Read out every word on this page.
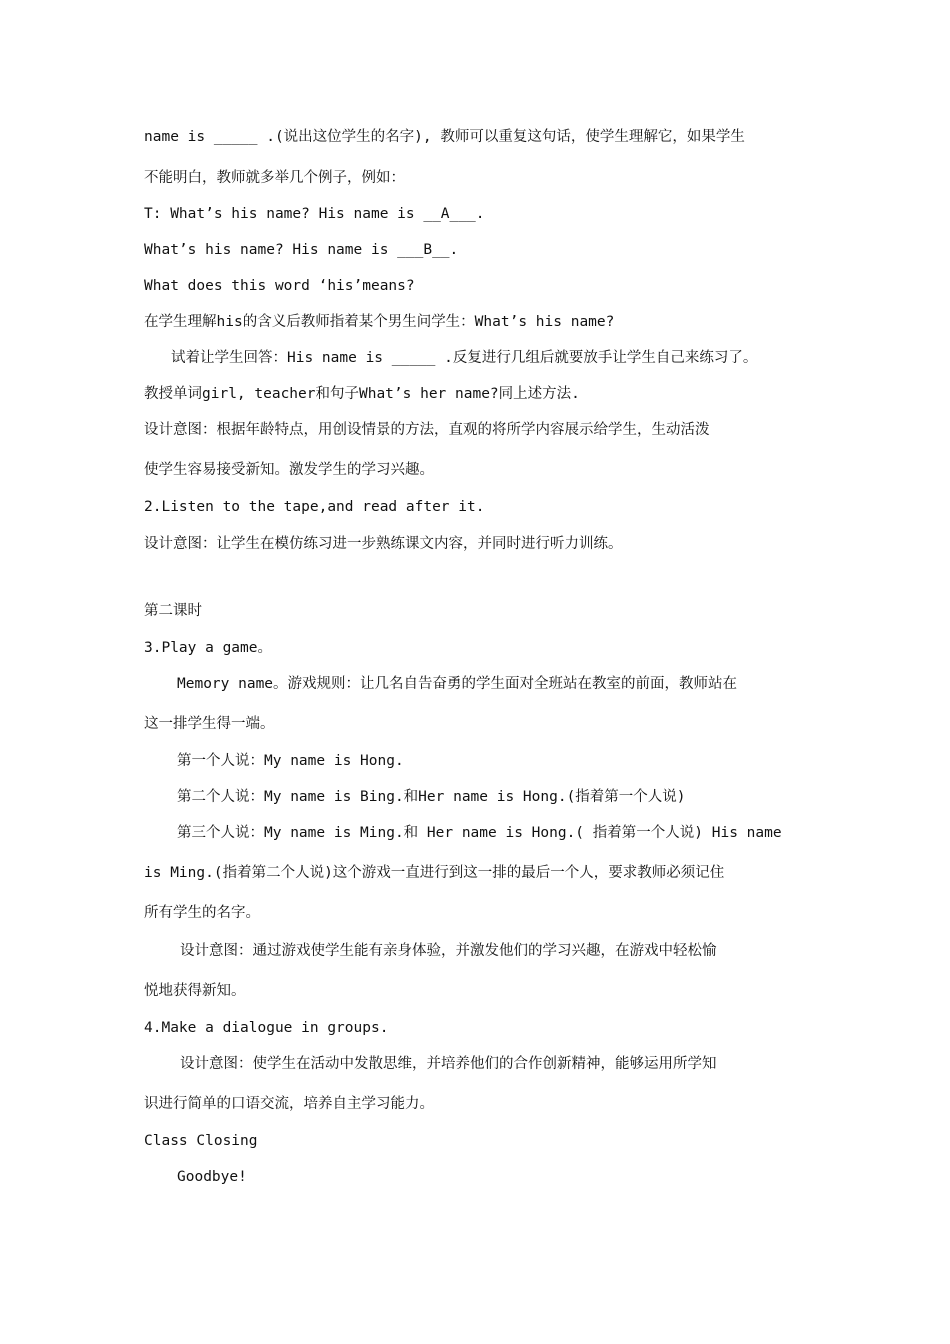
name is _____ .(说出这位学生的名字), 教师可以重复这句话，使学生理解它，如果学生
不能明白，教师就多举几个例子，例如：
T: What’s his name? His name is __A___.
What’s his name? His name is ___B__.
What does this word ‘his’means?
在学生理解his的含义后教师指着某个男生问学生：What’s his name?
试着让学生回答：His name is _____ .反复进行几组后就要放手让学生自己来练习了。
教授单词girl, teacher和句子What’s her name?同上述方法.
设计意图：根据年龄特点，用创设情景的方法，直观的将所学内容展示给学生，生动活泼
使学生容易接受新知。激发学生的学习兴趣。
2.Listen to the tape,and read after it.
设计意图：让学生在模仿练习进一步熟练课文内容，并同时进行听力训练。
第二课时
3.Play a game。
Memory name。游戏规则：让几名自告奋勇的学生面对全班站在教室的前面，教师站在
这一排学生得一端。
第一个人说：My name is Hong.
第二个人说：My name is Bing.和Her name is Hong.(指着第一个人说)
第三个人说：My name is Ming.和 Her name is Hong.( 指着第一个人说) His name
is Ming.(指着第二个人说)这个游戏一直进行到这一排的最后一个人，要求教师必须记住
所有学生的名字。
设计意图：通过游戏使学生能有亲身体验，并激发他们的学习兴趣，在游戏中轻松愉
悦地获得新知。
4.Make a dialogue in groups.
设计意图：使学生在活动中发散思维，并培养他们的合作创新精神，能够运用所学知
识进行简单的口语交流，培养自主学习能力。
Class Closing
Goodbye!
